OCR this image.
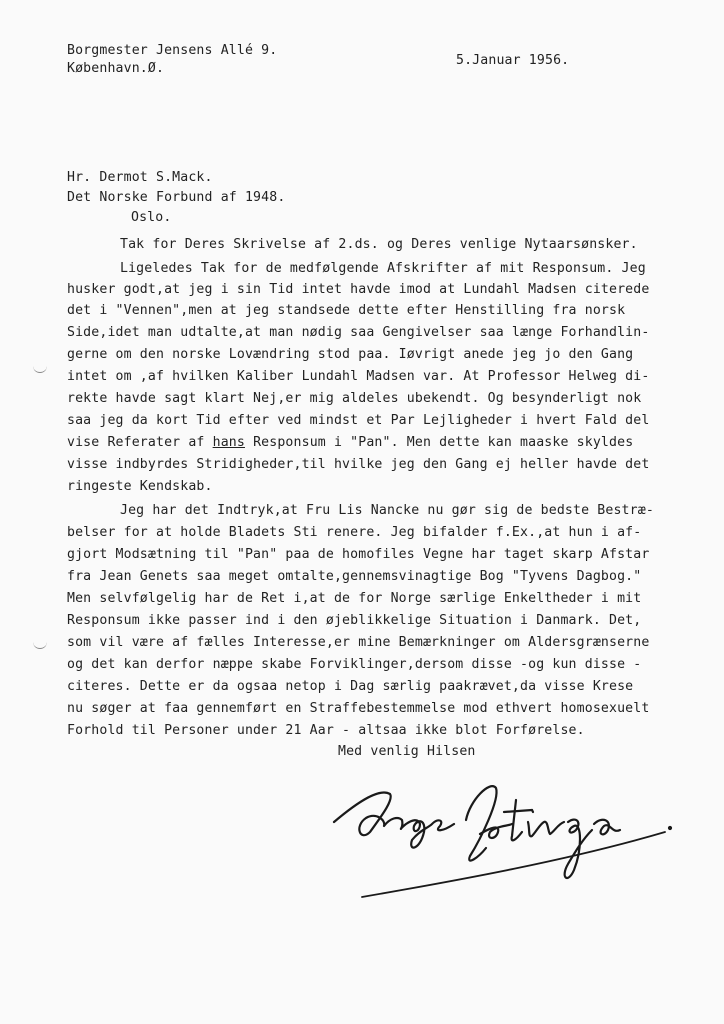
Borgmester Jensens Allé 9.
København.Ø.
5.Januar 1956.
Hr. Dermot S.Mack.
Det Norske Forbund af 1948.
Oslo.
Tak for Deres Skrivelse af 2.ds. og Deres venlige Nytaarsønsker.
Ligeledes Tak for de medfølgende Afskrifter af mit Responsum. Jeg
husker godt,at jeg i sin Tid intet havde imod at Lundahl Madsen citerede
det i "Vennen",men at jeg standsede dette efter Henstilling fra norsk
Side,idet man udtalte,at man nødig saa Gengivelser saa længe Forhandlin-
gerne om den norske Lovændring stod paa. Iøvrigt anede jeg jo den Gang
intet om ,af hvilken Kaliber Lundahl Madsen var. At Professor Helweg di-
rekte havde sagt klart Nej,er mig aldeles ubekendt. Og besynderligt nok
saa jeg da kort Tid efter ved mindst et Par Lejligheder i hvert Fald del
vise Referater af hans Responsum i "Pan". Men dette kan maaske skyldes
visse indbyrdes Stridigheder,til hvilke jeg den Gang ej heller havde det
ringeste Kendskab.
Jeg har det Indtryk,at Fru Lis Nancke nu gør sig de bedste Bestræ-
belser for at holde Bladets Sti renere. Jeg bifalder f.Ex.,at hun i af-
gjort Modsætning til "Pan" paa de homofiles Vegne har taget skarp Afstar
fra Jean Genets saa meget omtalte,gennemsvinagtige Bog "Tyvens Dagbog."
Men selvfølgelig har de Ret i,at de for Norge særlige Enkeltheder i mit
Responsum ikke passer ind i den øjeblikkelige Situation i Danmark. Det,
som vil være af fælles Interesse,er mine Bemærkninger om Aldersgrænserne
og det kan derfor næppe skabe Forviklinger,dersom disse -og kun disse -
citeres. Dette er da ogsaa netop i Dag særlig paakrævet,da visse Krese
nu søger at faa gennemført en Straffebestemmelse mod ethvert homosexuelt
Forhold til Personer under 21 Aar - altsaa ikke blot Forførelse.
Med venlig Hilsen
